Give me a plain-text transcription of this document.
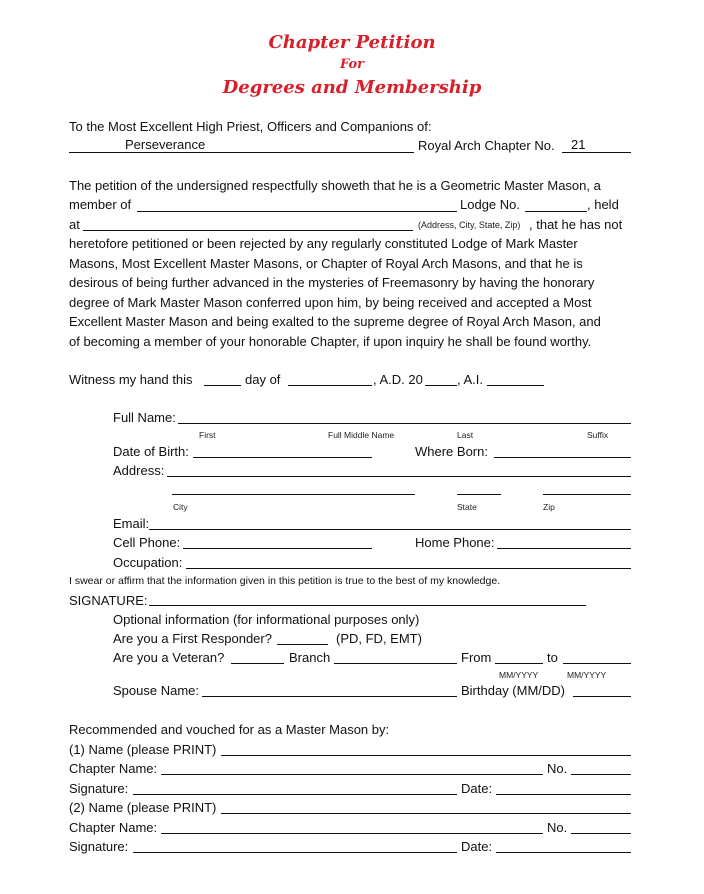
Chapter Petition
For
Degrees and Membership
To the Most Excellent High Priest, Officers and Companions of:
Perseverance	Royal Arch Chapter No. 21
The petition of the undersigned respectfully showeth that he is a Geometric Master Mason, a
member of	Lodge No.	, held
at	(Address, City, State, Zip) , that he has not
heretofore petitioned or been rejected by any regularly constituted Lodge of Mark Master
Masons, Most Excellent Master Masons, or Chapter of Royal Arch Masons, and that he is
desirous of being further advanced in the mysteries of Freemasonry by having the honorary
degree of Mark Master Mason conferred upon him, by being received and accepted a Most
Excellent Master Mason and being exalted to the supreme degree of Royal Arch Mason, and
of becoming a member of your honorable Chapter, if upon inquiry he shall be found worthy.
Witness my hand this	day of	, A.D. 20	, A.I.
Full Name:
First	Full Middle Name	Last	Suffix
Date of Birth:	Where Born:
Address:
City	State	Zip
Email:
Cell Phone:	Home Phone:
Occupation:
I swear or affirm that the information given in this petition is true to the best of my knowledge.
SIGNATURE:
Optional information (for informational purposes only)
Are you a First Responder?	(PD, FD, EMT)
Are you a Veteran?	Branch	From	to
MM/YYYY	MM/YYYY
Spouse Name:	Birthday (MM/DD)
Recommended and vouched for as a Master Mason by:
(1) Name (please PRINT)
Chapter Name:	No.
Signature:	Date:
(2) Name (please PRINT)
Chapter Name:	No.
Signature:	Date:
